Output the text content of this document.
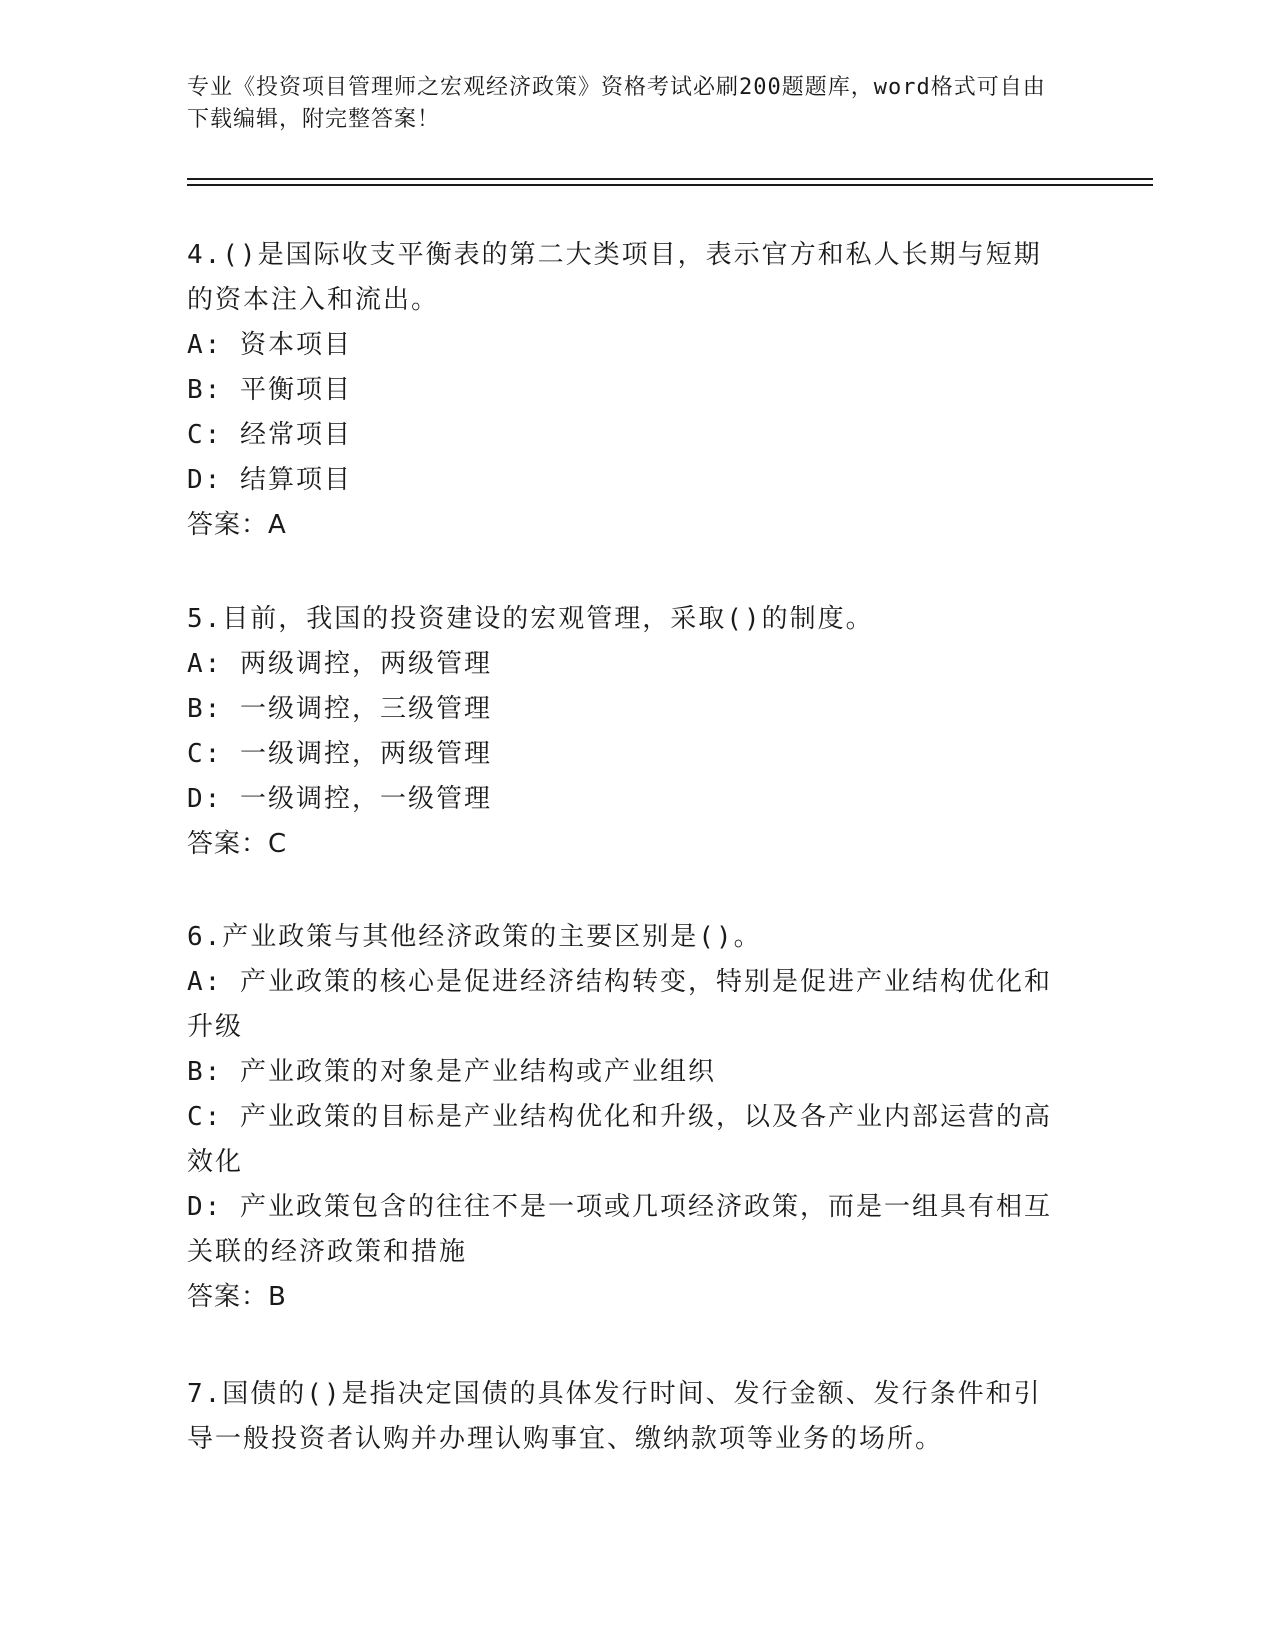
专业《投资项目管理师之宏观经济政策》资格考试必刷200题题库，word格式可自由下载编辑，附完整答案！
4.()是国际收支平衡表的第二大类项目，表示官方和私人长期与短期的资本注入和流出。
A: 资本项目
B: 平衡项目
C: 经常项目
D: 结算项目
答案：A
5.目前，我国的投资建设的宏观管理，采取()的制度。
A: 两级调控，两级管理
B: 一级调控，三级管理
C: 一级调控，两级管理
D: 一级调控，一级管理
答案：C
6.产业政策与其他经济政策的主要区别是()。
A: 产业政策的核心是促进经济结构转变，特别是促进产业结构优化和升级
B: 产业政策的对象是产业结构或产业组织
C: 产业政策的目标是产业结构优化和升级，以及各产业内部运营的高效化
D: 产业政策包含的往往不是一项或几项经济政策，而是一组具有相互关联的经济政策和措施
答案：B
7.国债的()是指决定国债的具体发行时间、发行金额、发行条件和引导一般投资者认购并办理认购事宜、缴纳款项等业务的场所。
